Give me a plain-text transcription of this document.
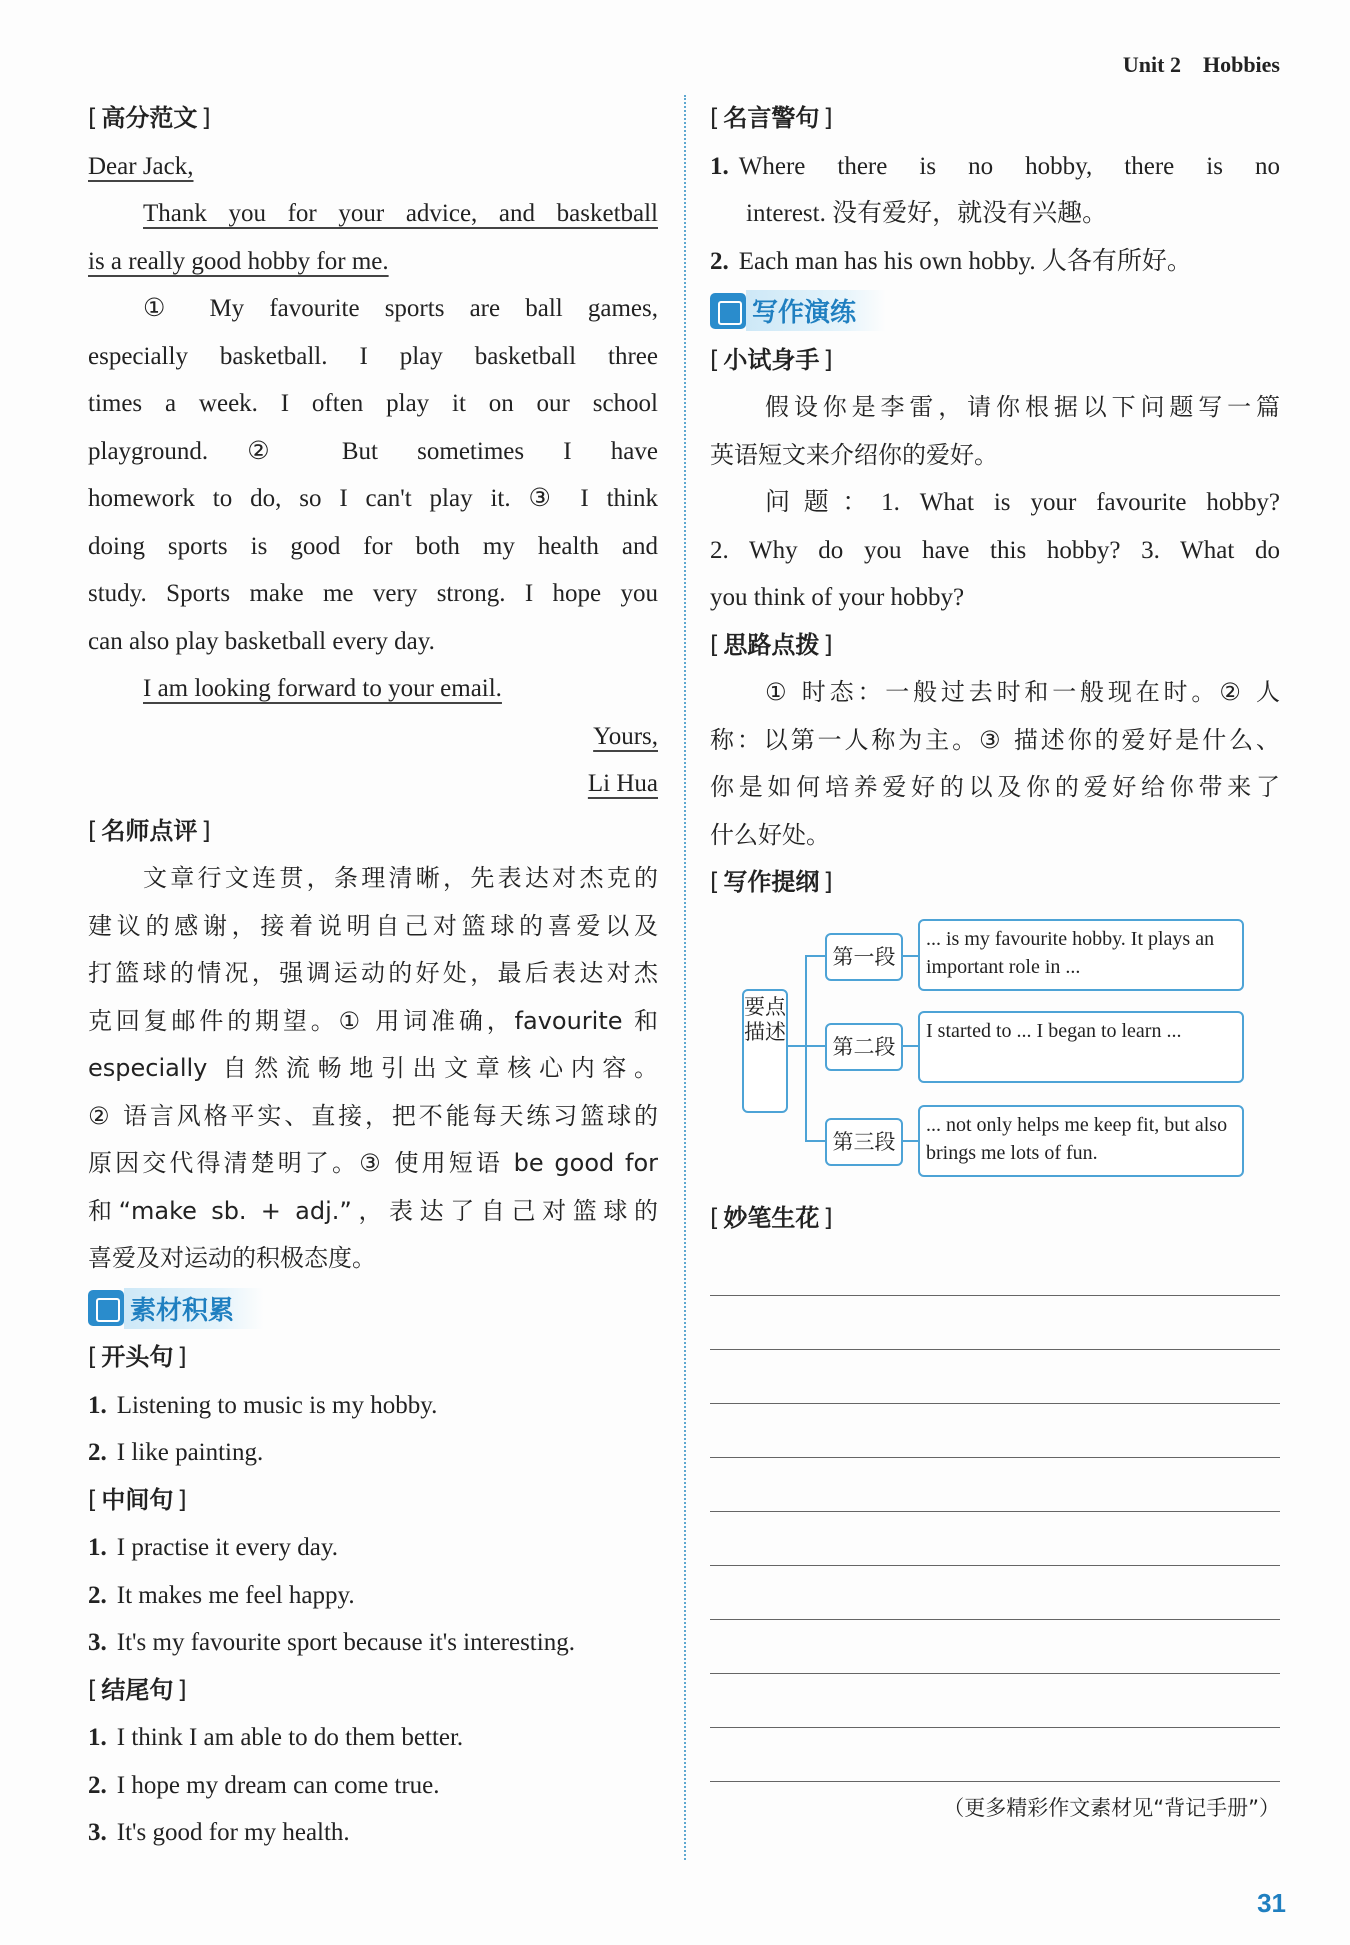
Unit 2 Hobbies
[ 高分范文 ]
Dear Jack,
Thank you for your advice, and basketball
is a really good hobby for me.
① My favourite sports are ball games,
especially basketball. I play basketball three
times a week. I often play it on our school
playground. ② But sometimes I have
homework to do, so I can't play it. ③ I think
doing sports is good for both my health and
study. Sports make me very strong. I hope you
can also play basketball every day.
I am looking forward to your email.
Yours,
Li Hua
[ 名师点评 ]
文章行文连贯，条理清晰，先表达对杰克的
建议的感谢，接着说明自己对篮球的喜爱以及
打篮球的情况，强调运动的好处，最后表达对杰
克回复邮件的期望。① 用词准确，favourite 和
especially 自然流畅地引出文章核心内容。
② 语言风格平实、直接，把不能每天练习篮球的
原因交代得清楚明了。③ 使用短语 be good for
和“make sb. + adj.”，表达了自己对篮球的
喜爱及对运动的积极态度。
素材积累
[ 开头句 ]
1. Listening to music is my hobby.
2. I like painting.
[ 中间句 ]
1. I practise it every day.
2. It makes me feel happy.
3. It's my favourite sport because it's interesting.
[ 结尾句 ]
1. I think I am able to do them better.
2. I hope my dream can come true.
3. It's good for my health.
[ 名言警句 ]
1. Where there is no hobby, there is no
interest. 没有爱好，就没有兴趣。
2. Each man has his own hobby. 人各有所好。
写作演练
[ 小试身手 ]
假设你是李雷，请你根据以下问题写一篇
英语短文来介绍你的爱好。
问题：1. What is your favourite hobby?
2. Why do you have this hobby? 3. What do
you think of your hobby?
[ 思路点拨 ]
① 时态：一般过去时和一般现在时。② 人
称：以第一人称为主。③ 描述你的爱好是什么、
你是如何培养爱好的以及你的爱好给你带来了
什么好处。
[ 写作提纲 ]
要点描述
第一段
... is my favourite hobby. It plays an important role in ...
第二段
I started to ... I began to learn ...
第三段
... not only helps me keep fit, but also brings me lots of fun.
[ 妙笔生花 ]
（更多精彩作文素材见“背记手册”）
31
